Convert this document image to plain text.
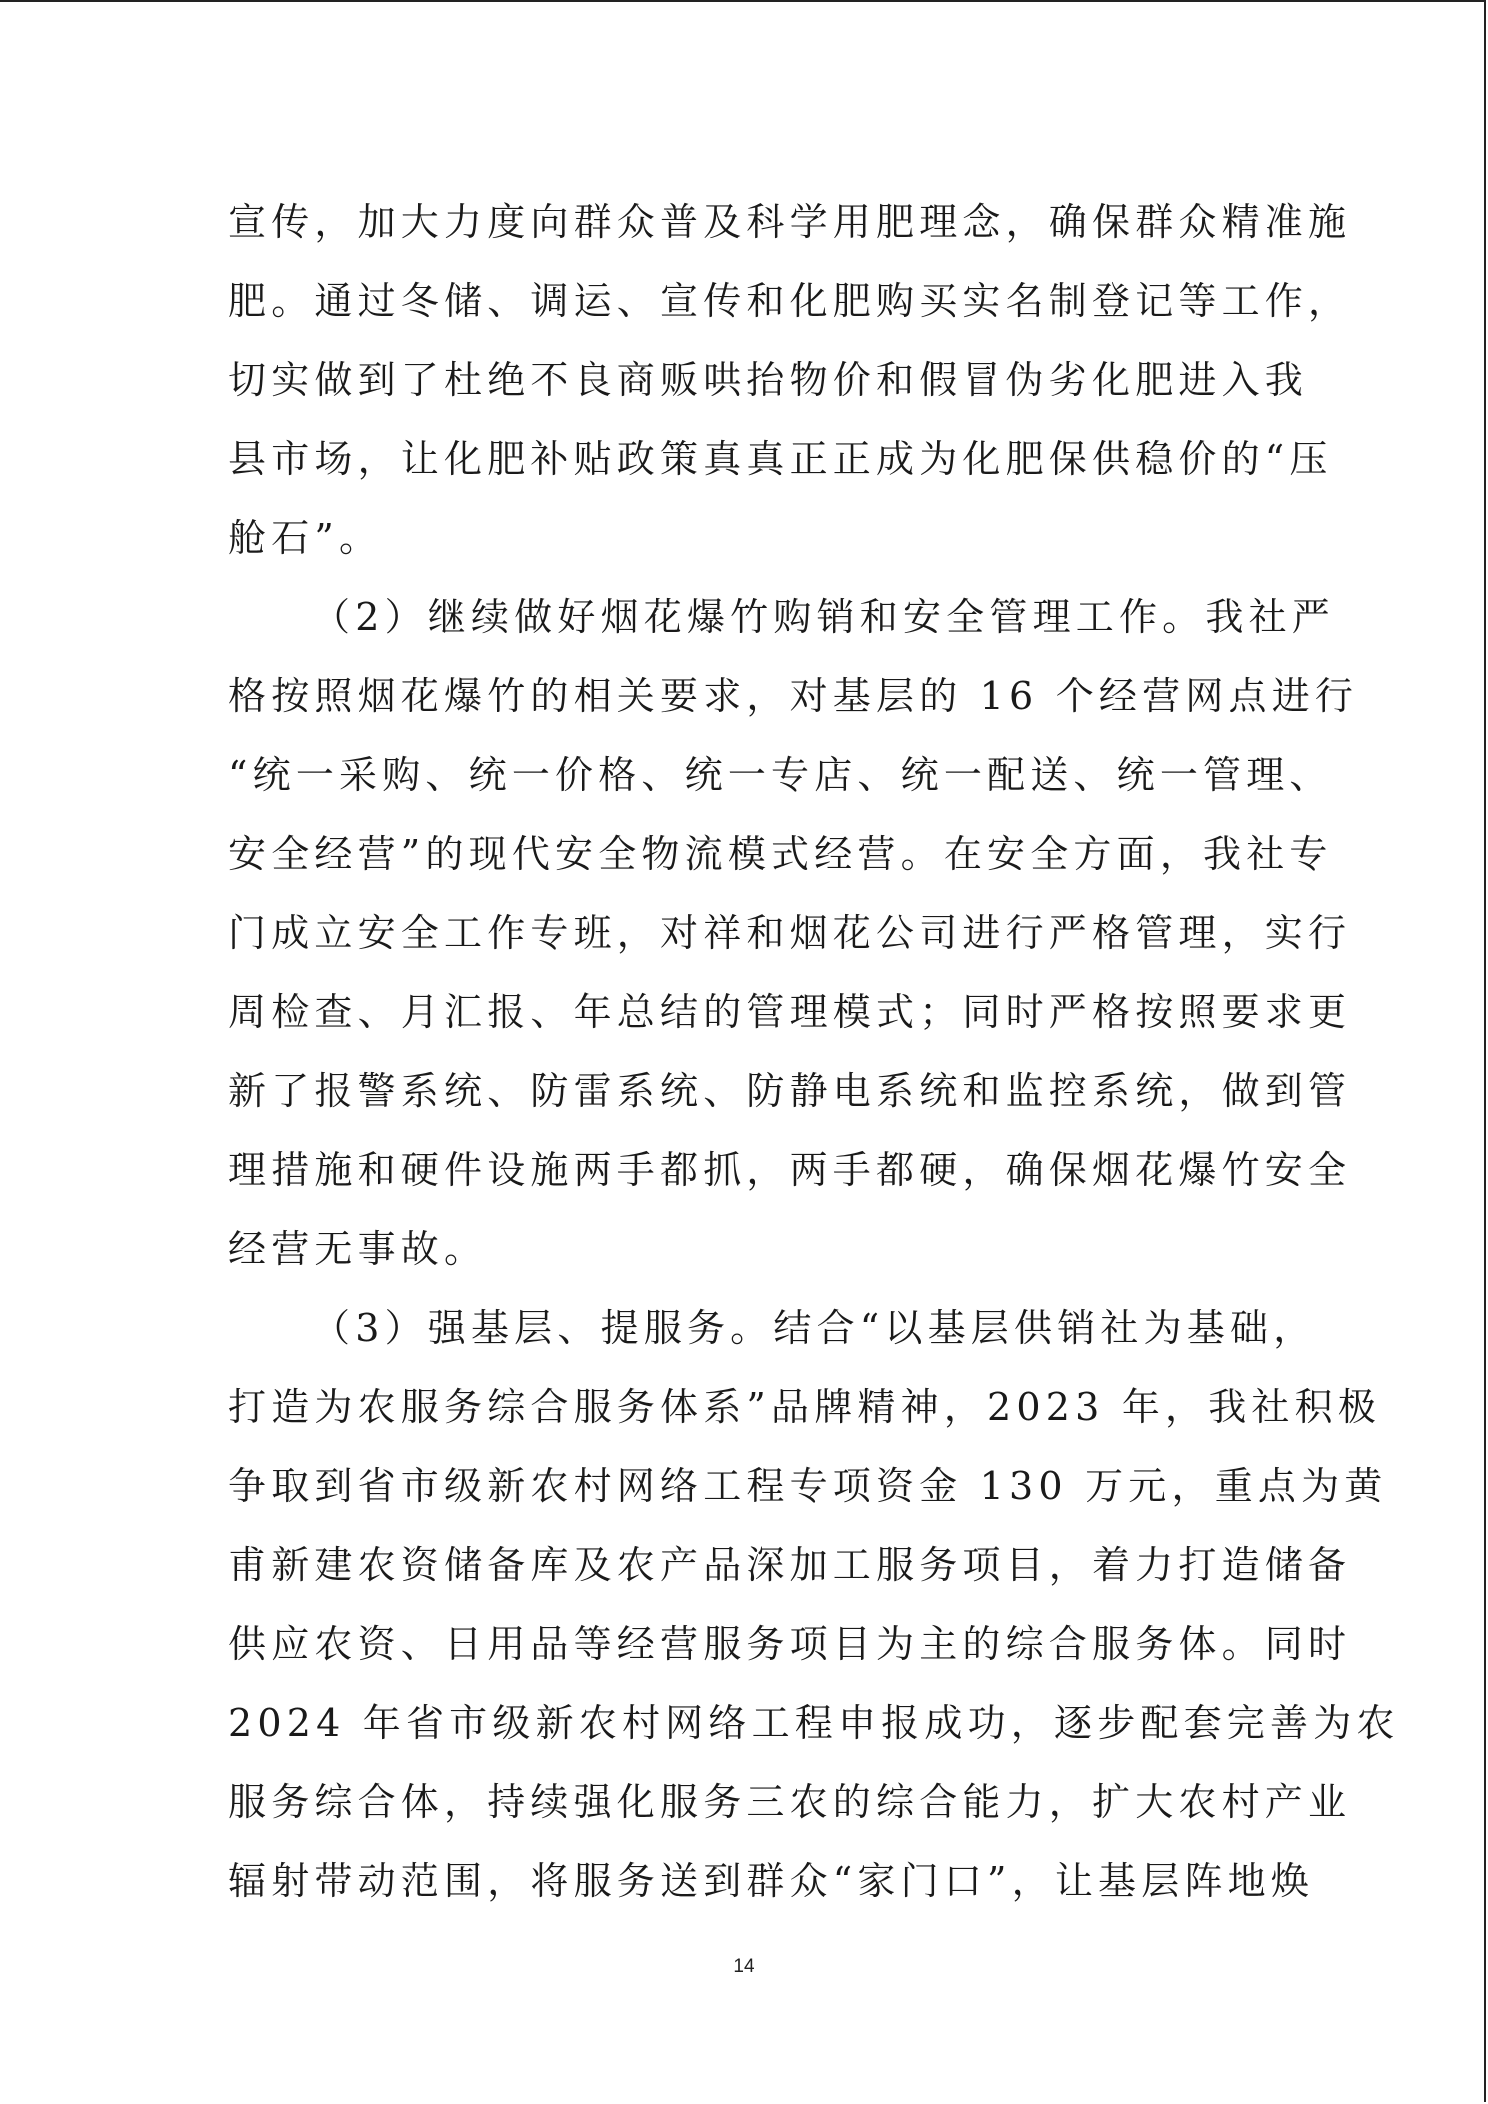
宣传，加大力度向群众普及科学用肥理念，确保群众精准施
肥。通过冬储、调运、宣传和化肥购买实名制登记等工作，
切实做到了杜绝不良商贩哄抬物价和假冒伪劣化肥进入我
县市场，让化肥补贴政策真真正正成为化肥保供稳价的“压
舱石”。
（2）继续做好烟花爆竹购销和安全管理工作。我社严
格按照烟花爆竹的相关要求，对基层的 16 个经营网点进行
“统一采购、统一价格、统一专店、统一配送、统一管理、
安全经营”的现代安全物流模式经营。在安全方面，我社专
门成立安全工作专班，对祥和烟花公司进行严格管理，实行
周检查、月汇报、年总结的管理模式；同时严格按照要求更
新了报警系统、防雷系统、防静电系统和监控系统，做到管
理措施和硬件设施两手都抓，两手都硬，确保烟花爆竹安全
经营无事故。
（3）强基层、提服务。结合“以基层供销社为基础，
打造为农服务综合服务体系”品牌精神，2023 年，我社积极
争取到省市级新农村网络工程专项资金 130 万元，重点为黄
甫新建农资储备库及农产品深加工服务项目，着力打造储备
供应农资、日用品等经营服务项目为主的综合服务体。同时
2024 年省市级新农村网络工程申报成功，逐步配套完善为农
服务综合体，持续强化服务三农的综合能力，扩大农村产业
辐射带动范围，将服务送到群众“家门口”，让基层阵地焕
14
